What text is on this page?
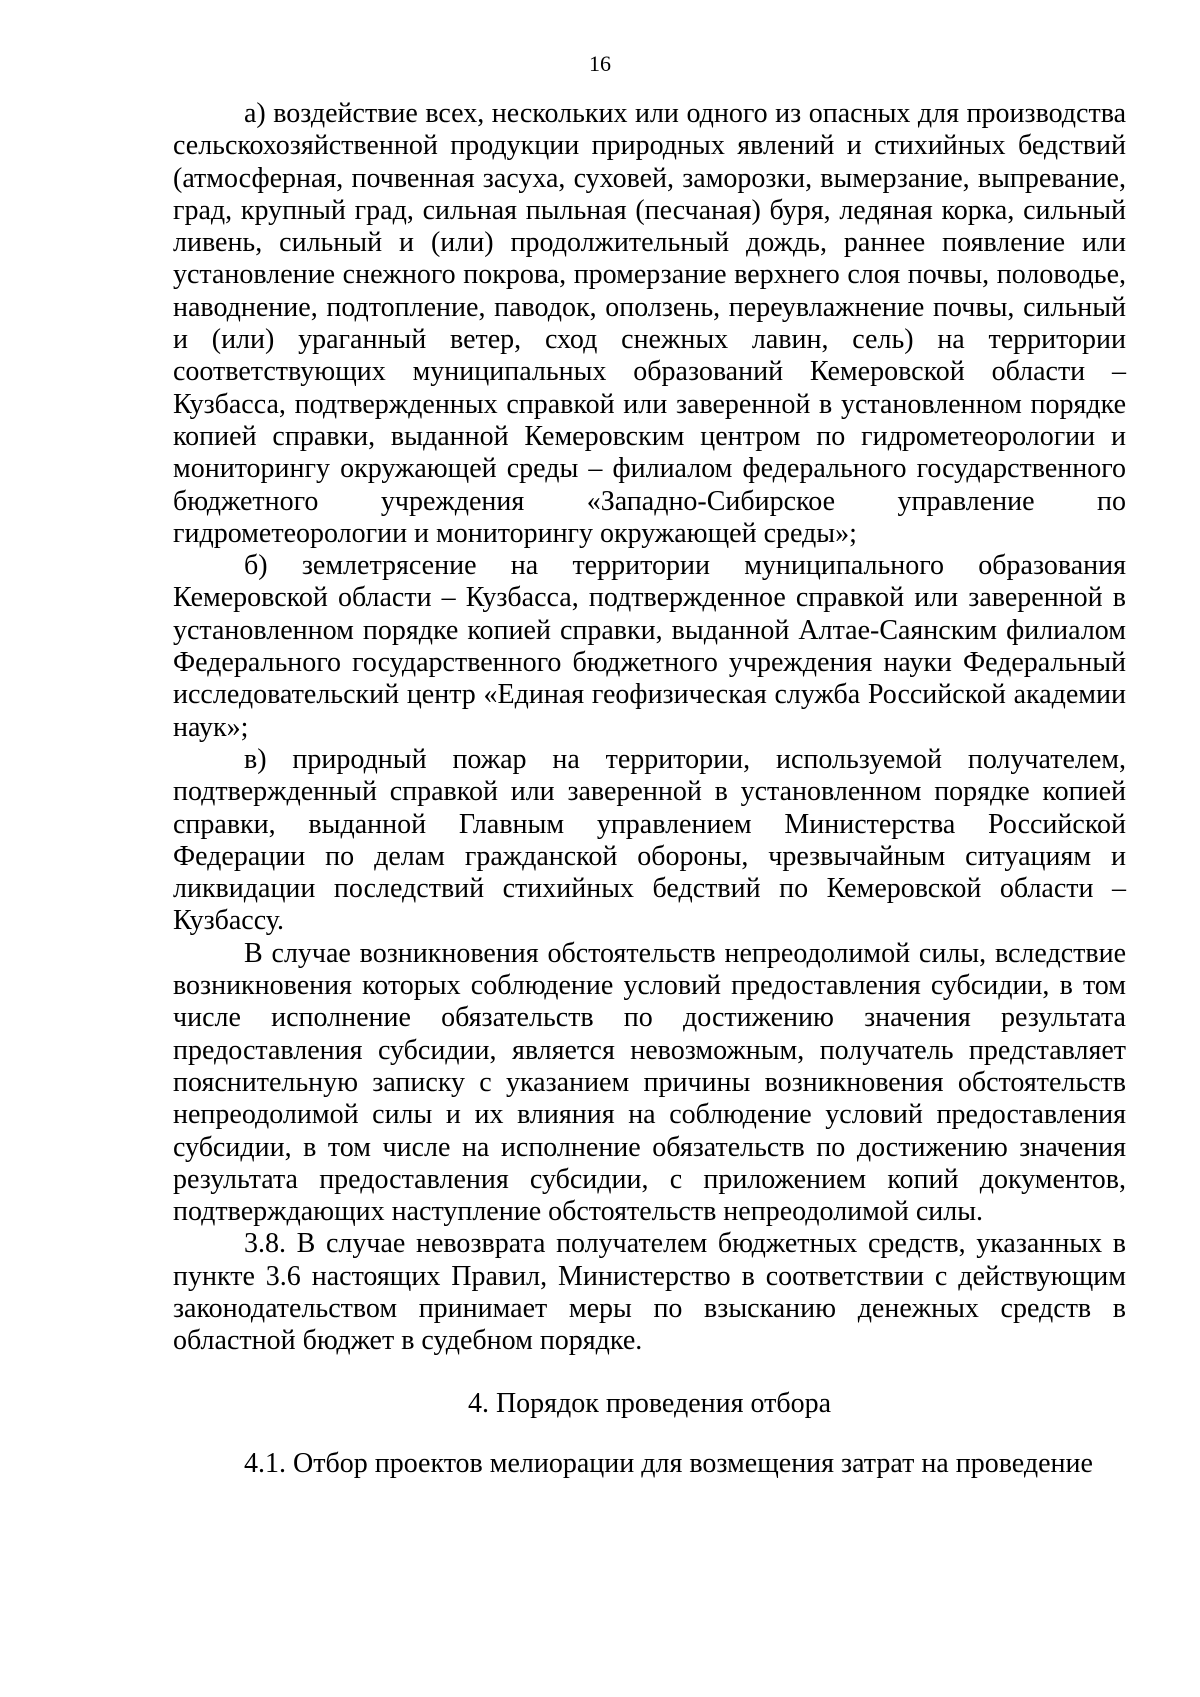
16

а) воздействие всех, нескольких или одного из опасных для производства сельскохозяйственной продукции природных явлений и стихийных бедствий (атмосферная, почвенная засуха, суховей, заморозки, вымерзание, выпревание, град, крупный град, сильная пыльная (песчаная) буря, ледяная корка, сильный ливень, сильный и (или) продолжительный дождь, раннее появление или установление снежного покрова, промерзание верхнего слоя почвы, половодье, наводнение, подтопление, паводок, оползень, переувлажнение почвы, сильный и (или) ураганный ветер, сход снежных лавин, сель) на территории соответствующих муниципальных образований Кемеровской области – Кузбасса, подтвержденных справкой или заверенной в установленном порядке копией справки, выданной Кемеровским центром по гидрометеорологии и мониторингу окружающей среды – филиалом федерального государственного бюджетного учреждения «Западно-Сибирское управление по гидрометеорологии и мониторингу окружающей среды»;

б) землетрясение на территории муниципального образования Кемеровской области – Кузбасса, подтвержденное справкой или заверенной в установленном порядке копией справки, выданной Алтае-Саянским филиалом Федерального государственного бюджетного учреждения науки Федеральный исследовательский центр «Единая геофизическая служба Российской академии наук»;

в) природный пожар на территории, используемой получателем, подтвержденный справкой или заверенной в установленном порядке копией справки, выданной Главным управлением Министерства Российской Федерации по делам гражданской обороны, чрезвычайным ситуациям и ликвидации последствий стихийных бедствий по Кемеровской области – Кузбассу.

В случае возникновения обстоятельств непреодолимой силы, вследствие возникновения которых соблюдение условий предоставления субсидии, в том числе исполнение обязательств по достижению значения результата предоставления субсидии, является невозможным, получатель представляет пояснительную записку с указанием причины возникновения обстоятельств непреодолимой силы и их влияния на соблюдение условий предоставления субсидии, в том числе на исполнение обязательств по достижению значения результата предоставления субсидии, с приложением копий документов, подтверждающих наступление обстоятельств непреодолимой силы.

3.8. В случае невозврата получателем бюджетных средств, указанных в пункте 3.6 настоящих Правил, Министерство в соответствии с действующим законодательством принимает меры по взысканию денежных средств в областной бюджет в судебном порядке.

4. Порядок проведения отбора

4.1. Отбор проектов мелиорации для возмещения затрат на проведение
